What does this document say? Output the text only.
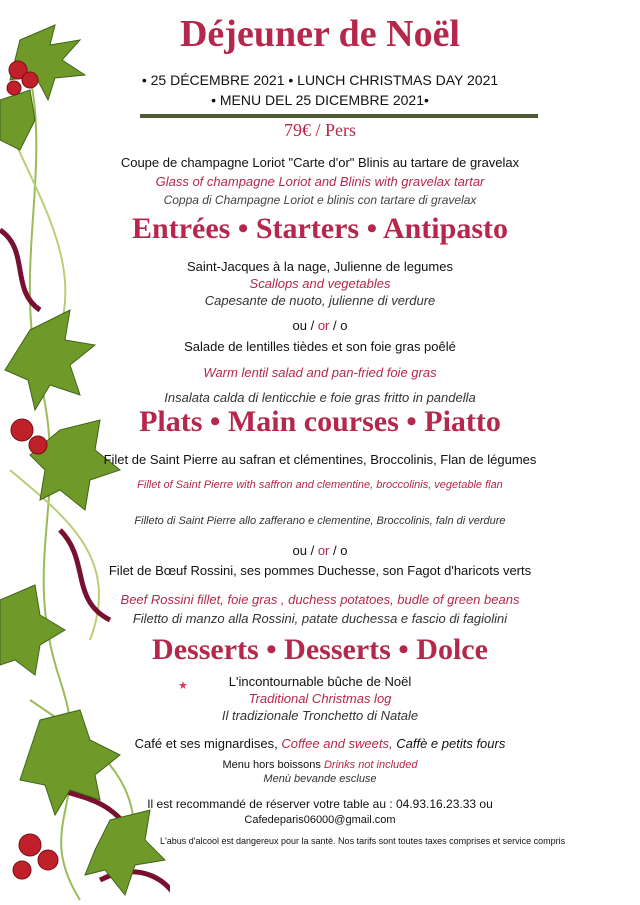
Déjeuner de Noël
• 25 DÉCEMBRE 2021 • LUNCH CHRISTMAS DAY 2021
• MENU DEL 25 DICEMBRE 2021•
79€ / Pers
Coupe de champagne Loriot "Carte d'or" Blinis au tartare de gravelax
Glass of champagne Loriot and Blinis with gravelax tartar
Coppa di Champagne Loriot e blinis con tartare di gravelax
Entrées • Starters • Antipasto
Saint-Jacques à la nage, Julienne de legumes
Scallops and vegetables
Capesante de nuoto, julienne di verdure
ou / or / o
Salade de lentilles tièdes et son foie gras poêlé
Warm lentil salad and pan-fried foie gras
Insalata calda di lenticchie e foie gras fritto in pandella
Plats • Main courses • Piatto
Filet de Saint Pierre au safran et clémentines, Broccolinis, Flan de légumes
Fillet of Saint Pierre with saffron and clementine, broccolinis, vegetable flan
Filleto di Saint Pierre allo zafferano e clementine, Broccolinis, faln di verdure
ou / or / o
Filet de Bœuf Rossini, ses pommes Duchesse, son Fagot d'haricots verts
Beef Rossini fillet, foie gras , duchess potatoes, budle of green beans
Filetto di manzo alla Rossini, patate duchessa e fascio di fagiolini
Desserts • Desserts • Dolce
★	L'incontournable bûche de Noël
Traditional Christmas log
Il tradizionale Tronchetto di Natale
Café et ses mignardises, Coffee and sweets, Caffè e petits fours
Menu hors boissons Drinks not included
Menù bevande escluse
Il est recommandé de réserver votre table au : 04.93.16.23.33 ou
Cafedeparis06000@gmail.com
L'abus d'alcool est dangereux pour la santé. Nos tarifs sont toutes taxes comprises et service compris
